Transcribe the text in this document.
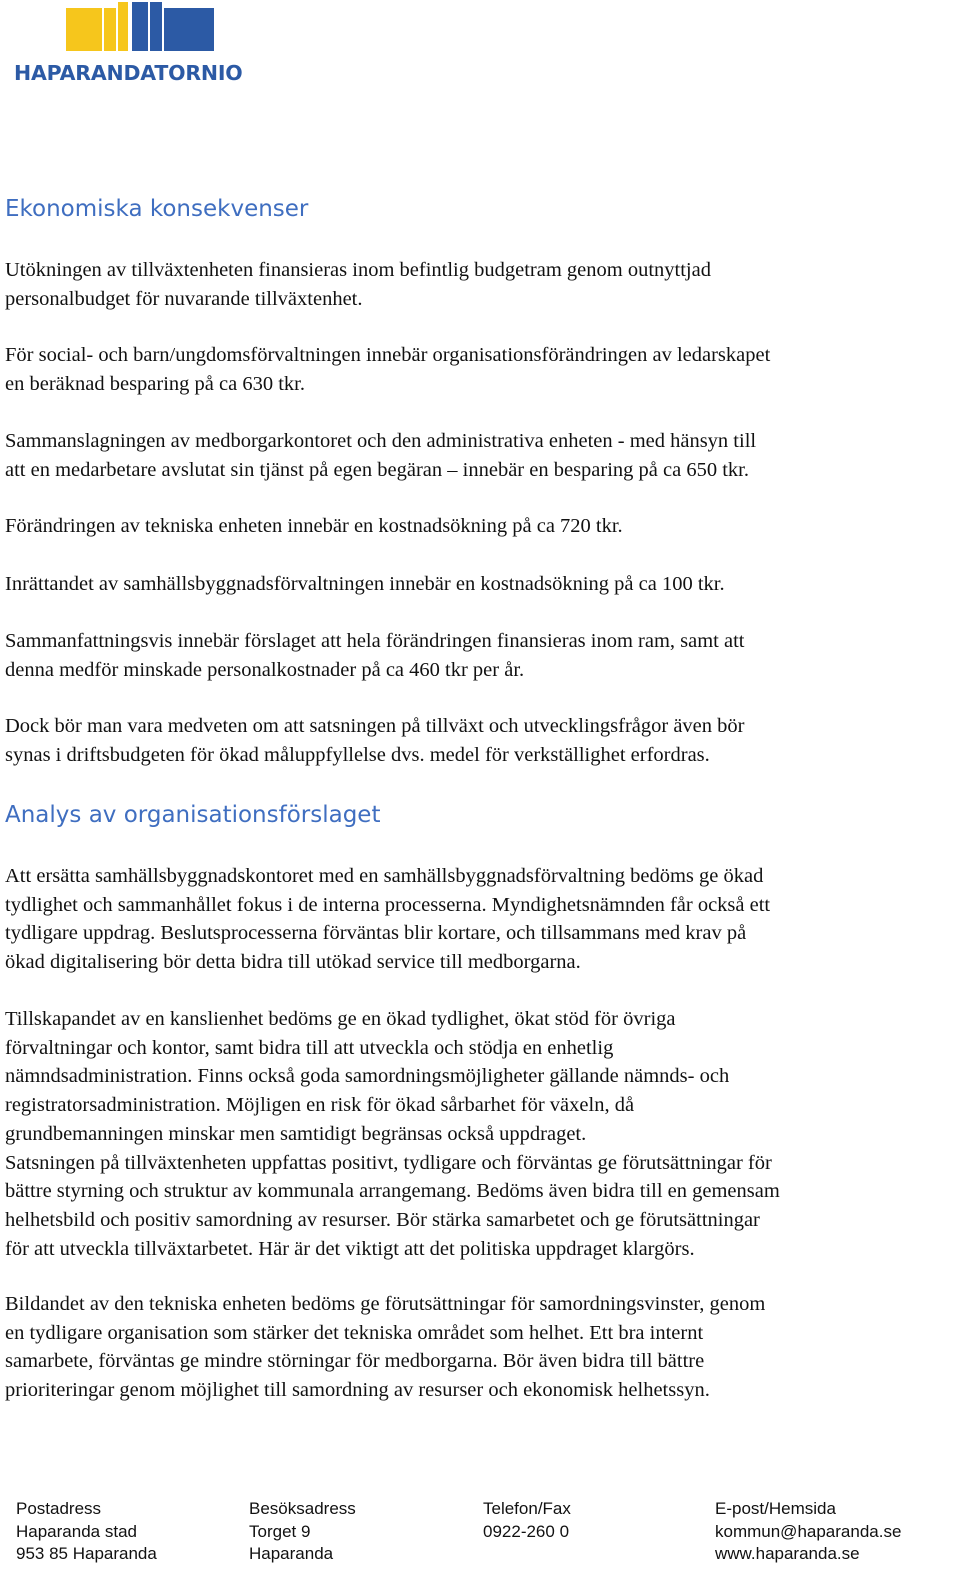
HAPARANDATORNIO
Ekonomiska konsekvenser
Utökningen av tillväxtenheten finansieras inom befintlig budgetram genom outnyttjad
personalbudget för nuvarande tillväxtenhet.
För social- och barn/ungdomsförvaltningen innebär organisationsförändringen av ledarskapet
en beräknad besparing på ca 630 tkr.
Sammanslagningen av medborgarkontoret och den administrativa enheten - med hänsyn till
att en medarbetare avslutat sin tjänst på egen begäran – innebär en besparing på ca 650 tkr.
Förändringen av tekniska enheten innebär en kostnadsökning på ca 720 tkr.
Inrättandet av samhällsbyggnadsförvaltningen innebär en kostnadsökning på ca 100 tkr.
Sammanfattningsvis innebär förslaget att hela förändringen finansieras inom ram, samt att
denna medför minskade personalkostnader på ca 460 tkr per år.
Dock bör man vara medveten om att satsningen på tillväxt och utvecklingsfrågor även bör
synas i driftsbudgeten för ökad måluppfyllelse dvs. medel för verkställighet erfordras.
Analys av organisationsförslaget
Att ersätta samhällsbyggnadskontoret med en samhällsbyggnadsförvaltning bedöms ge ökad
tydlighet och sammanhållet fokus i de interna processerna. Myndighetsnämnden får också ett
tydligare uppdrag. Beslutsprocesserna förväntas blir kortare, och tillsammans med krav på
ökad digitalisering bör detta bidra till utökad service till medborgarna.
Tillskapandet av en kanslienhet bedöms ge en ökad tydlighet, ökat stöd för övriga
förvaltningar och kontor, samt bidra till att utveckla och stödja en enhetlig
nämndsadministration. Finns också goda samordningsmöjligheter gällande nämnds- och
registratorsadministration. Möjligen en risk för ökad sårbarhet för växeln, då
grundbemanningen minskar men samtidigt begränsas också uppdraget.
Satsningen på tillväxtenheten uppfattas positivt, tydligare och förväntas ge förutsättningar för
bättre styrning och struktur av kommunala arrangemang. Bedöms även bidra till en gemensam
helhetsbild och positiv samordning av resurser. Bör stärka samarbetet och ge förutsättningar
för att utveckla tillväxtarbetet. Här är det viktigt att det politiska uppdraget klargörs.
Bildandet av den tekniska enheten bedöms ge förutsättningar för samordningsvinster, genom
en tydligare organisation som stärker det tekniska området som helhet. Ett bra internt
samarbete, förväntas ge mindre störningar för medborgarna. Bör även bidra till bättre
prioriteringar genom möjlighet till samordning av resurser och ekonomisk helhetssyn.
Postadress
Haparanda stad
953 85 Haparanda
Besöksadress
Torget 9
Haparanda
Telefon/Fax
0922-260 0
E-post/Hemsida
kommun@haparanda.se
www.haparanda.se
